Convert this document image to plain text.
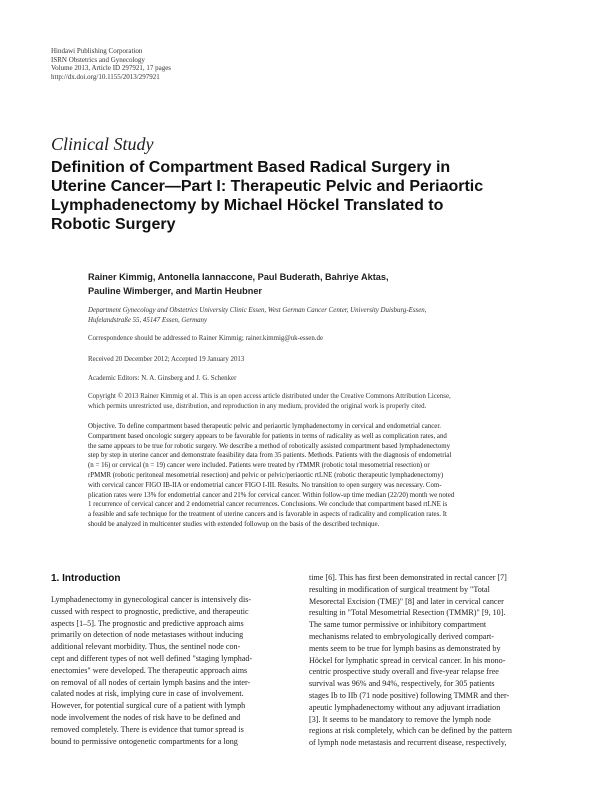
Hindawi Publishing Corporation
ISRN Obstetrics and Gynecology
Volume 2013, Article ID 297921, 17 pages
http://dx.doi.org/10.1155/2013/297921
Clinical Study
Definition of Compartment Based Radical Surgery in
Uterine Cancer—Part I: Therapeutic Pelvic and Periaortic
Lymphadenectomy by Michael Höckel Translated to
Robotic Surgery
Rainer Kimmig, Antonella Iannaccone, Paul Buderath, Bahriye Aktas,
Pauline Wimberger, and Martin Heubner
Department Gynecology and Obstetrics University Clinic Essen, West German Cancer Center, University Duisburg-Essen,
Hufelandstraße 55, 45147 Essen, Germany
Correspondence should be addressed to Rainer Kimmig; rainer.kimmig@uk-essen.de
Received 20 December 2012; Accepted 19 January 2013
Academic Editors: N. A. Ginsberg and J. G. Schenker
Copyright © 2013 Rainer Kimmig et al. This is an open access article distributed under the Creative Commons Attribution License,
which permits unrestricted use, distribution, and reproduction in any medium, provided the original work is properly cited.
Objective. To define compartment based therapeutic pelvic and periaortic lymphadenectomy in cervical and endometrial cancer.
Compartment based oncologic surgery appears to be favorable for patients in terms of radicality as well as complication rates, and
the same appears to be true for robotic surgery. We describe a method of robotically assisted compartment based lymphadenectomy
step by step in uterine cancer and demonstrate feasibility data from 35 patients. Methods. Patients with the diagnosis of endometrial
(n = 16) or cervical (n = 19) cancer were included. Patients were treated by rTMMR (robotic total mesometrial resection) or
rPMMR (robotic peritoneal mesometrial resection) and pelvic or pelvic/periaortic rtLNE (robotic therapeutic lymphadenectomy)
with cervical cancer FIGO IB-IIA or endometrial cancer FIGO I-III. Results. No transition to open surgery was necessary. Com-
plication rates were 13% for endometrial cancer and 21% for cervical cancer. Within follow-up time median (22/20) month we noted
1 recurrence of cervical cancer and 2 endometrial cancer recurrences. Conclusions. We conclude that compartment based rtLNE is
a feasible and safe technique for the treatment of uterine cancers and is favorable in aspects of radicality and complication rates. It
should be analyzed in multicenter studies with extended followup on the basis of the described technique.
1. Introduction
Lymphadenectomy in gynecological cancer is intensively dis-
cussed with respect to prognostic, predictive, and therapeutic
aspects [1–5]. The prognostic and predictive approach aims
primarily on detection of node metastases without inducing
additional relevant morbidity. Thus, the sentinel node con-
cept and different types of not well defined "staging lymphad-
enectomies" were developed. The therapeutic approach aims
on removal of all nodes of certain lymph basins and the inter-
calated nodes at risk, implying cure in case of involvement.
However, for potential surgical cure of a patient with lymph
node involvement the nodes of risk have to be defined and
removed completely. There is evidence that tumor spread is
bound to permissive ontogenetic compartments for a long
time [6]. This has first been demonstrated in rectal cancer [7]
resulting in modification of surgical treatment by "Total
Mesorectal Excision (TME)" [8] and later in cervical cancer
resulting in "Total Mesometrial Resection (TMMR)" [9, 10].
The same tumor permissive or inhibitory compartment
mechanisms related to embryologically derived compart-
ments seem to be true for lymph basins as demonstrated by
Höckel for lymphatic spread in cervical cancer. In his mono-
centric prospective study overall and five-year relapse free
survival was 96% and 94%, respectively, for 305 patients
stages Ib to IIb (71 node positive) following TMMR and ther-
apeutic lymphadenectomy without any adjuvant irradiation
[3]. It seems to be mandatory to remove the lymph node
regions at risk completely, which can be defined by the pattern
of lymph node metastasis and recurrent disease, respectively,
